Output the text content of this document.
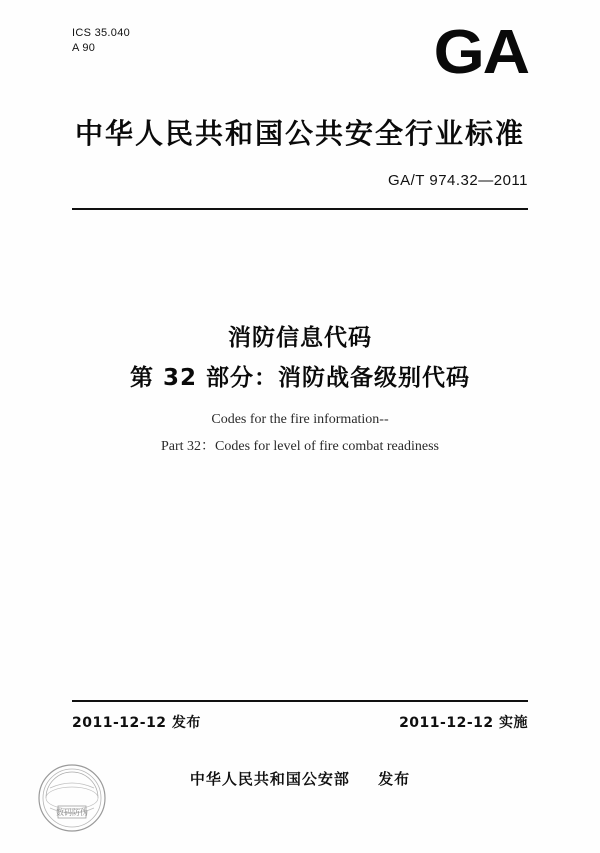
ICS 35.040
A 90	GA
中华人民共和国公共安全行业标准
GA/T 974.32—2011
消防信息代码
第 32 部分：消防战备级别代码
Codes for the fire information--
Part 32：Codes for level of fire combat readiness
2011-12-12 发布	2011-12-12 实施
中华人民共和国公安部 发布
数码防伪
